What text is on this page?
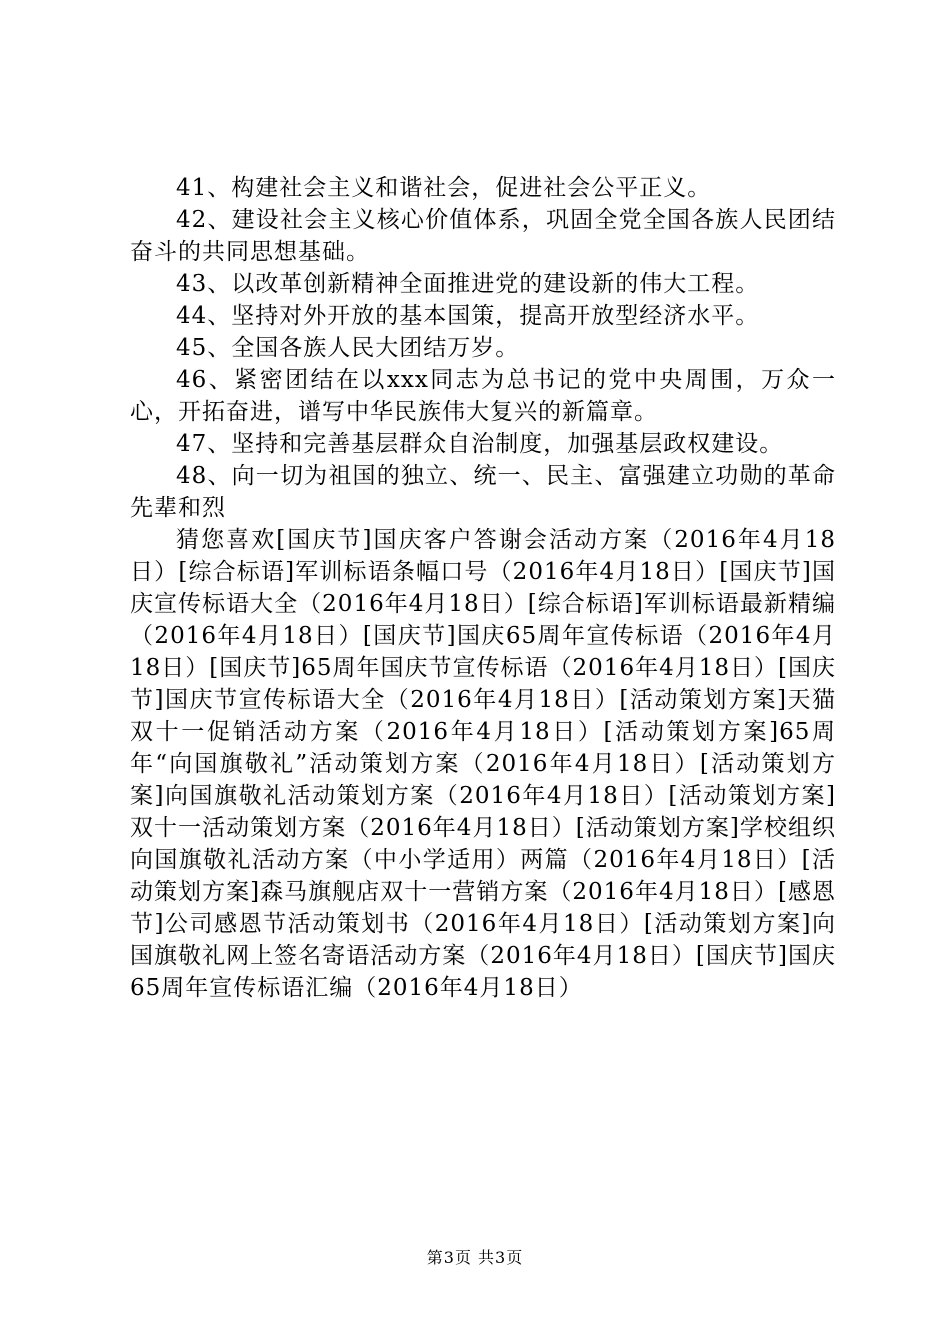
41、构建社会主义和谐社会，促进社会公平正义。

42、建设社会主义核心价值体系，巩固全党全国各族人民团结奋斗的共同思想基础。

43、以改革创新精神全面推进党的建设新的伟大工程。

44、坚持对外开放的基本国策，提高开放型经济水平。

45、全国各族人民大团结万岁。

46、紧密团结在以xxx同志为总书记的党中央周围，万众一心，开拓奋进，谱写中华民族伟大复兴的新篇章。

47、坚持和完善基层群众自治制度，加强基层政权建设。

48、向一切为祖国的独立、统一、民主、富强建立功勋的革命先辈和烈

猜您喜欢[国庆节]国庆客户答谢会活动方案（2016年4月18日）[综合标语]军训标语条幅口号（2016年4月18日）[国庆节]国庆宣传标语大全（2016年4月18日）[综合标语]军训标语最新精编（2016年4月18日）[国庆节]国庆65周年宣传标语（2016年4月18日）[国庆节]65周年国庆节宣传标语（2016年4月18日）[国庆节]国庆节宣传标语大全（2016年4月18日）[活动策划方案]天猫双十一促销活动方案（2016年4月18日）[活动策划方案]65周年“向国旗敬礼”活动策划方案（2016年4月18日）[活动策划方案]向国旗敬礼活动策划方案（2016年4月18日）[活动策划方案]双十一活动策划方案（2016年4月18日）[活动策划方案]学校组织向国旗敬礼活动方案（中小学适用）两篇（2016年4月18日）[活动策划方案]森马旗舰店双十一营销方案（2016年4月18日）[感恩节]公司感恩节活动策划书（2016年4月18日）[活动策划方案]向国旗敬礼网上签名寄语活动方案（2016年4月18日）[国庆节]国庆65周年宣传标语汇编（2016年4月18日）

第3页 共3页
